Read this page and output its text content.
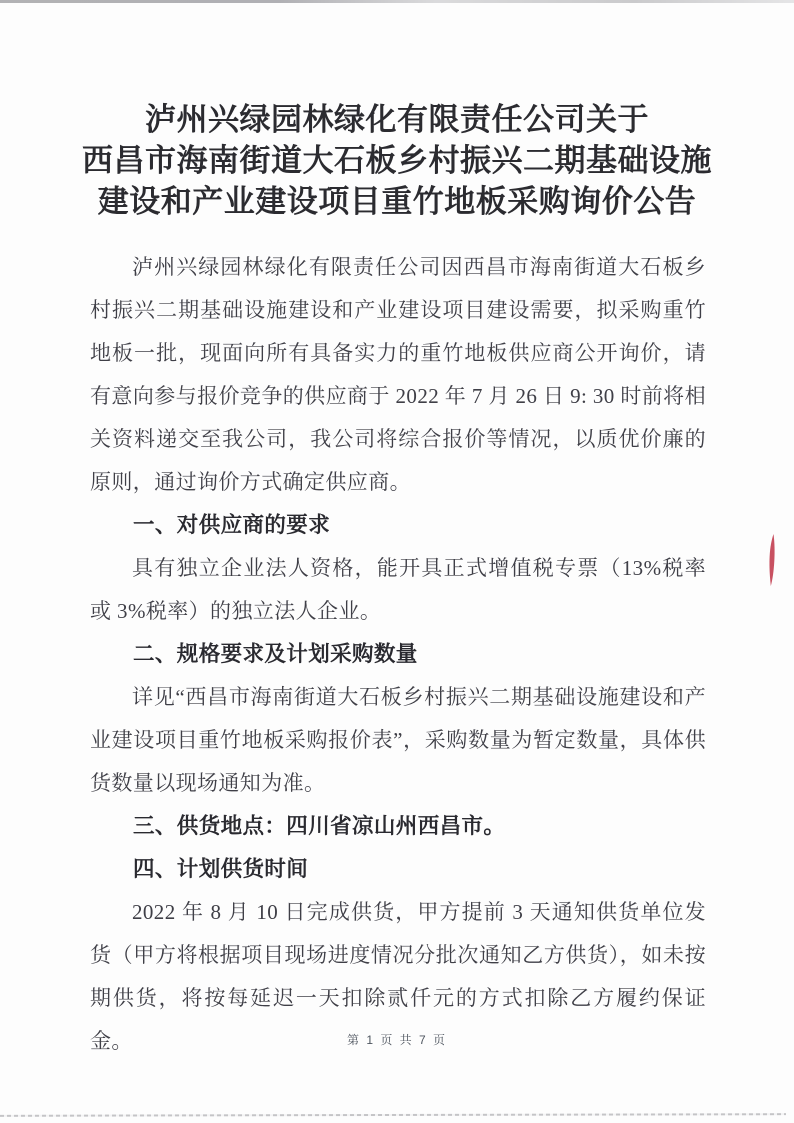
泸州兴绿园林绿化有限责任公司关于
西昌市海南街道大石板乡村振兴二期基础设施
建设和产业建设项目重竹地板采购询价公告

泸州兴绿园林绿化有限责任公司因西昌市海南街道大石板乡村振兴二期基础设施建设和产业建设项目建设需要，拟采购重竹地板一批，现面向所有具备实力的重竹地板供应商公开询价，请有意向参与报价竞争的供应商于 2022 年 7 月 26 日 9: 30 时前将相关资料递交至我公司，我公司将综合报价等情况，以质优价廉的原则，通过询价方式确定供应商。

一、对供应商的要求

具有独立企业法人资格，能开具正式增值税专票（13%税率或 3%税率）的独立法人企业。

二、规格要求及计划采购数量

详见“西昌市海南街道大石板乡村振兴二期基础设施建设和产业建设项目重竹地板采购报价表”，采购数量为暂定数量，具体供货数量以现场通知为准。

三、供货地点：四川省凉山州西昌市。
四、计划供货时间

2022 年 8 月 10 日完成供货，甲方提前 3 天通知供货单位发货（甲方将根据项目现场进度情况分批次通知乙方供货），如未按期供货，将按每延迟一天扣除贰仟元的方式扣除乙方履约保证金。	第 1 页 共 7 页
